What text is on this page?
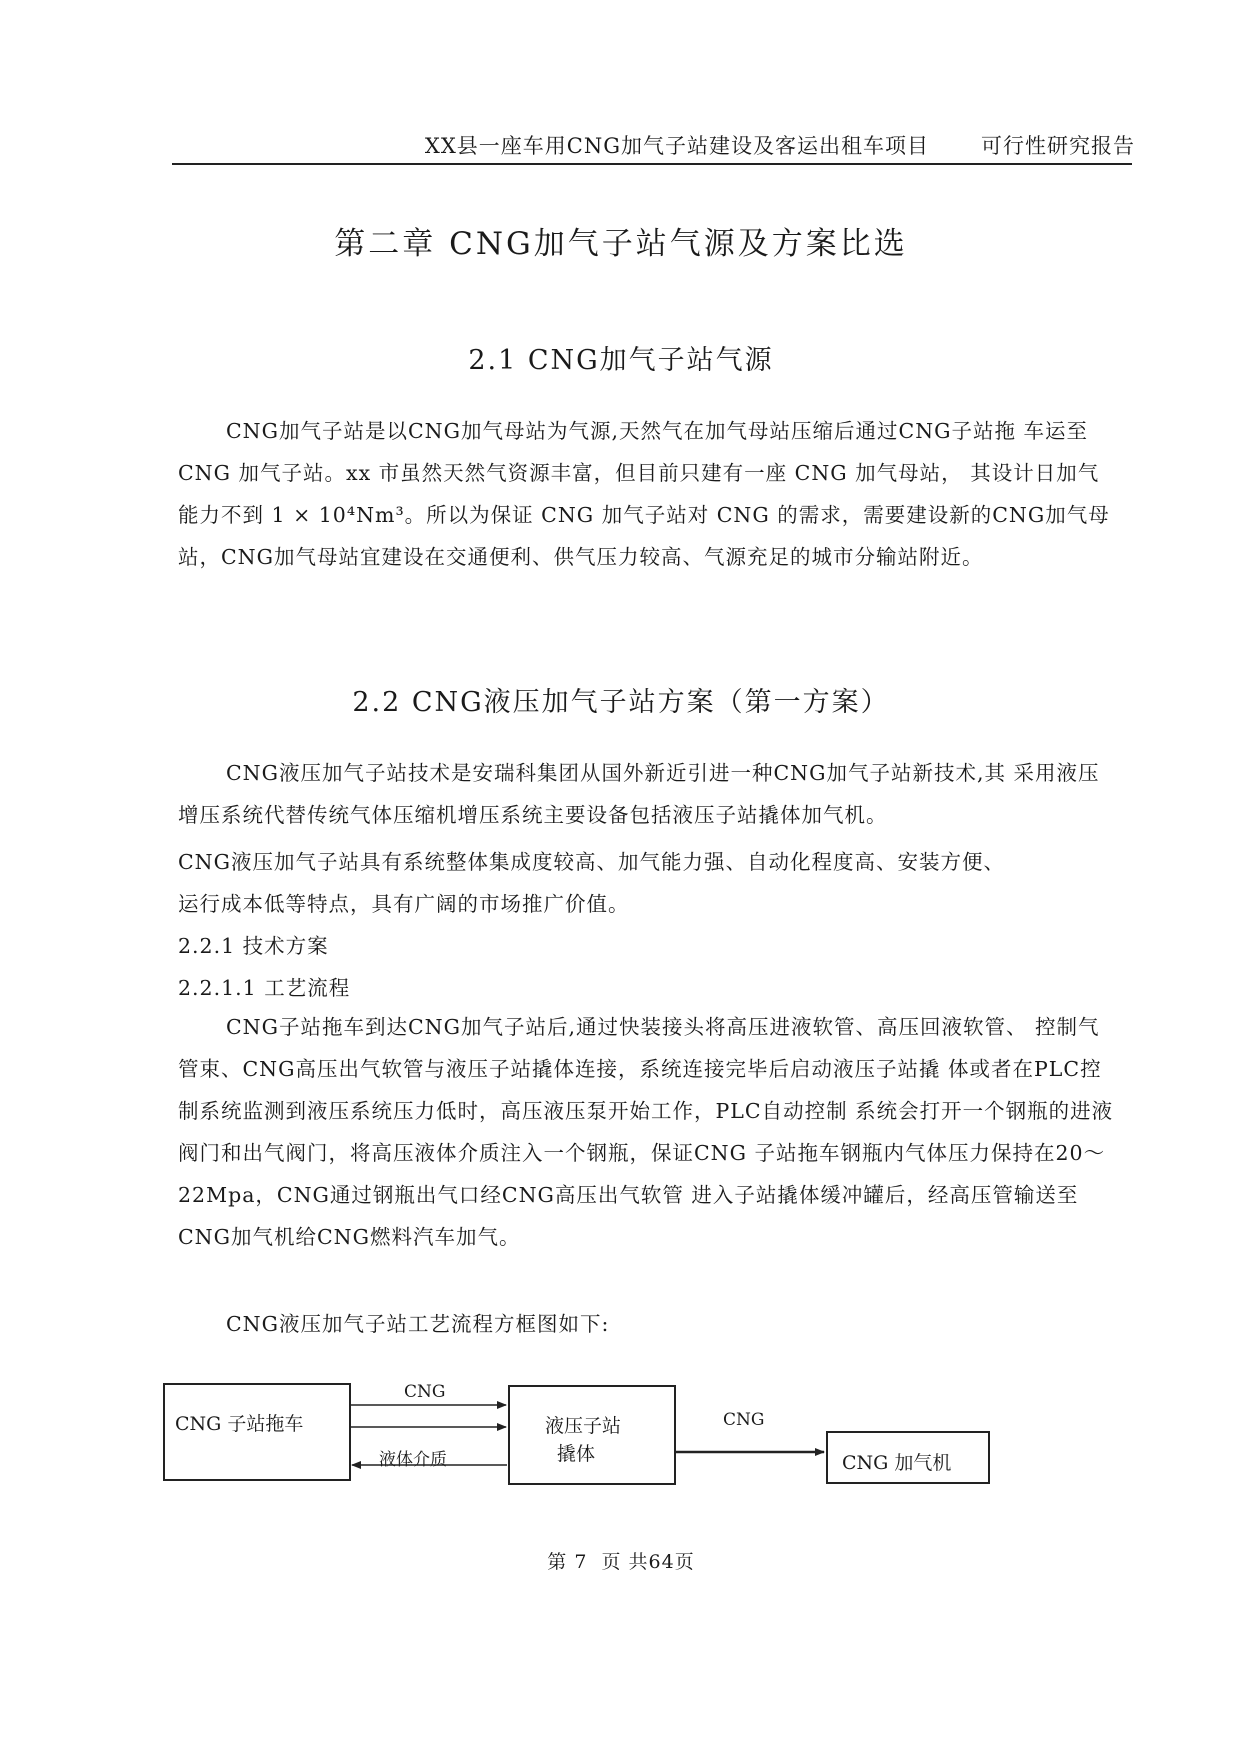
XX县一座车用CNG加气子站建设及客运出租车项目 可行性研究报告
第二章 CNG加气子站气源及方案比选
2.1 CNG加气子站气源

CNG加气子站是以CNG加气母站为气源,天然气在加气母站压缩后通过CNG子站拖 车运至CNG 加气子站。xx 市虽然天然气资源丰富，但目前只建有一座 CNG 加气母站， 其设计日加气能力不到 1 × 10⁴Nm³。所以为保证 CNG 加气子站对 CNG 的需求，需要建设新的CNG加气母站，CNG加气母站宜建设在交通便利、供气压力较高、气源充足的城市分输站附近。

2.2 CNG液压加气子站方案（第一方案）

CNG液压加气子站技术是安瑞科集团从国外新近引进一种CNG加气子站新技术,其 采用液压增压系统代替传统气体压缩机增压系统主要设备包括液压子站撬体加气机。

CNG液压加气子站具有系统整体集成度较高、加气能力强、自动化程度高、安装方便、
运行成本低等特点，具有广阔的市场推广价值。
2.2.1 技术方案
2.2.1.1 工艺流程

CNG子站拖车到达CNG加气子站后,通过快装接头将高压进液软管、高压回液软管、 控制气管束、CNG高压出气软管与液压子站撬体连接，系统连接完毕后启动液压子站撬 体或者在PLC控制系统监测到液压系统压力低时，高压液压泵开始工作，PLC自动控制 系统会打开一个钢瓶的进液阀门和出气阀门，将高压液体介质注入一个钢瓶，保证CNG 子站拖车钢瓶内气体压力保持在20～22Mpa，CNG通过钢瓶出气口经CNG高压出气软管 进入子站撬体缓冲罐后，经高压管输送至CNG加气机给CNG燃料汽车加气。

CNG液压加气子站工艺流程方框图如下:
CNG 子站拖车	液压子站
撬体	CNG 加气机
CNG
液体介质
CNG
第 7  页 共64页
